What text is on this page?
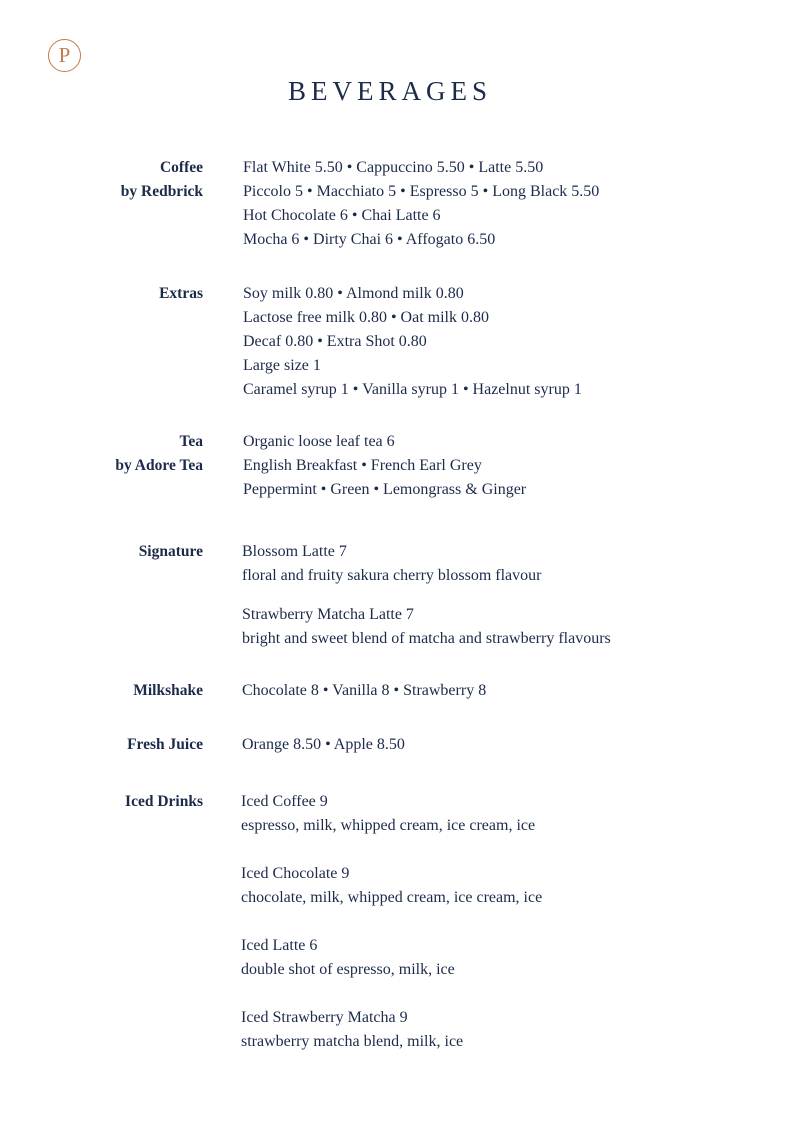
P
BEVERAGES
Coffee
by Redbrick
Flat White 5.50 • Cappuccino 5.50 • Latte 5.50
Piccolo 5 • Macchiato 5 • Espresso 5 • Long Black 5.50
Hot Chocolate 6 • Chai Latte 6
Mocha 6 • Dirty Chai 6 • Affogato 6.50
Extras	Soy milk 0.80 • Almond milk 0.80
Lactose free milk 0.80 • Oat milk 0.80
Decaf 0.80 • Extra Shot 0.80
Large size 1
Caramel syrup 1 • Vanilla syrup 1 • Hazelnut syrup 1
Tea
by Adore Tea
Organic loose leaf tea 6
English Breakfast • French Earl Grey
Peppermint • Green • Lemongrass & Ginger
Signature Blossom Latte 7
floral and fruity sakura cherry blossom flavour
Strawberry Matcha Latte 7
bright and sweet blend of matcha and strawberry flavours
Milkshake Chocolate 8 • Vanilla 8 • Strawberry 8
Fresh Juice Orange 8.50 • Apple 8.50
Iced Drinks Iced Coffee 9
espresso, milk, whipped cream, ice cream, ice
Iced Chocolate 9
chocolate, milk, whipped cream, ice cream, ice
Iced Latte 6
double shot of espresso, milk, ice
Iced Strawberry Matcha 9
strawberry matcha blend, milk, ice
